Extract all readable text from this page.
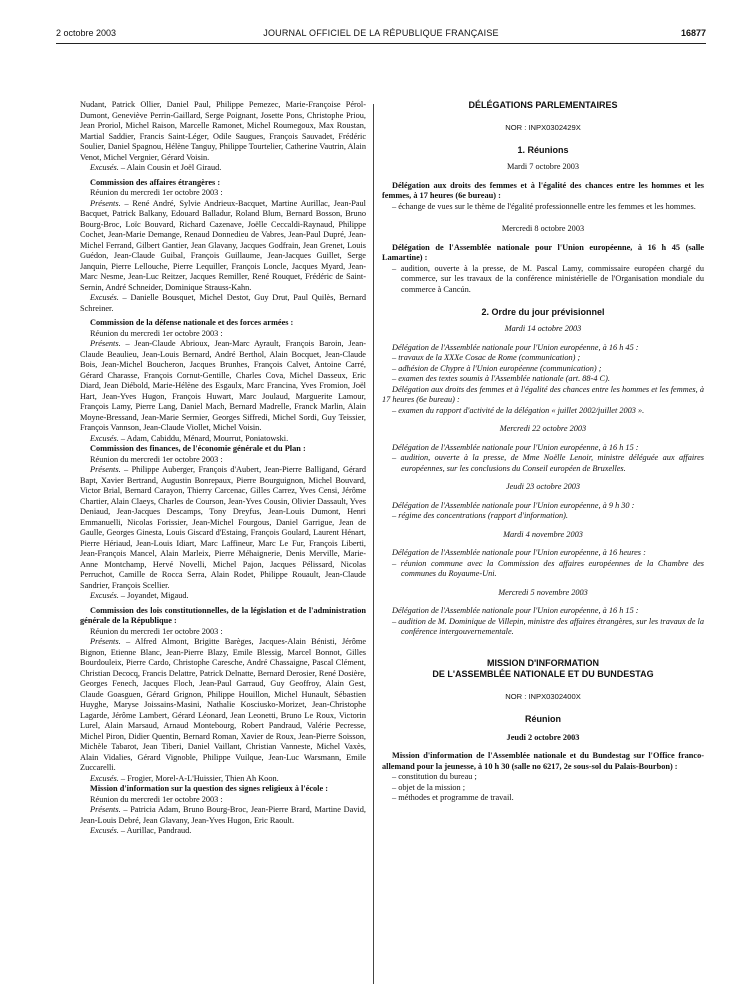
2 octobre 2003	JOURNAL OFFICIEL DE LA RÉPUBLIQUE FRANÇAISE	16877

Nudant, Patrick Ollier, Daniel Paul, Philippe Pemezec, Marie-Françoise Pérol-Dumont, Geneviève Perrin-Gaillard, Serge Poignant, Josette Pons, Christophe Priou, Jean Proriol, Michel Raison, Marcelle Ramonet, Michel Roumegoux, Max Roustan, Martial Saddier, Francis Saint-Léger, Odile Saugues, François Sauvadet, Frédéric Soulier, Daniel Spagnou, Hélène Tanguy, Philippe Tourtelier, Catherine Vautrin, Alain Venot, Michel Vergnier, Gérard Voisin.

Excusés. – Alain Cousin et Joël Giraud.

Commission des affaires étrangères :

Réunion du mercredi 1er octobre 2003 :

Présents. – René André, Sylvie Andrieux-Bacquet, Martine Aurillac, Jean-Paul Bacquet, Patrick Balkany, Edouard Balladur, Roland Blum, Bernard Bosson, Bruno Bourg-Broc, Loïc Bouvard, Richard Cazenave, Joëlle Ceccaldi-Raynaud, Philippe Cochet, Jean-Marie Demange, Renaud Donnedieu de Vabres, Jean-Paul Dupré, Jean-Michel Ferrand, Gilbert Gantier, Jean Glavany, Jacques Godfrain, Jean Grenet, Louis Guédon, Jean-Claude Guibal, François Guillaume, Jean-Jacques Guillet, Serge Janquin, Pierre Lellouche, Pierre Lequiller, François Loncle, Jacques Myard, Jean-Marc Nesme, Jean-Luc Reitzer, Jacques Remiller, René Rouquet, Frédéric de Saint-Sernin, André Schneider, Dominique Strauss-Kahn.

Excusés. – Danielle Bousquet, Michel Destot, Guy Drut, Paul Quilès, Bernard Schreiner.

Commission de la défense nationale et des forces armées :

Réunion du mercredi 1er octobre 2003 :

Présents. – Jean-Claude Abrioux, Jean-Marc Ayrault, François Baroin, Jean-Claude Beaulieu, Jean-Louis Bernard, André Berthol, Alain Bocquet, Jean-Claude Bois, Jean-Michel Boucheron, Jacques Brunhes, François Calvet, Antoine Carré, Gérard Charasse, François Cornut-Gentille, Charles Cova, Michel Dasseux, Eric Diard, Jean Diébold, Marie-Hélène des Esgaulx, Marc Francina, Yves Fromion, Joël Hart, Jean-Yves Hugon, François Huwart, Marc Joulaud, Marguerite Lamour, François Lamy, Pierre Lang, Daniel Mach, Bernard Madrelle, Franck Marlin, Alain Moyne-Bressand, Jean-Marie Sermier, Georges Siffredi, Michel Sordi, Guy Teissier, François Vannson, Jean-Claude Viollet, Michel Voisin.

Excusés. – Adam, Cabiddu, Ménard, Mourrut, Poniatowski.

Commission des finances, de l'économie générale et du Plan :

Réunion du mercredi 1er octobre 2003 :

Présents. – Philippe Auberger, François d'Aubert, Jean-Pierre Balligand, Gérard Bapt, Xavier Bertrand, Augustin Bonrepaux, Pierre Bourguignon, Michel Bouvard, Victor Brial, Bernard Carayon, Thierry Carcenac, Gilles Carrez, Yves Censi, Jérôme Chartier, Alain Claeys, Charles de Courson, Jean-Yves Cousin, Olivier Dassault, Yves Deniaud, Jean-Jacques Descamps, Tony Dreyfus, Jean-Louis Dumont, Henri Emmanuelli, Nicolas Forissier, Jean-Michel Fourgous, Daniel Garrigue, Jean de Gaulle, Georges Ginesta, Louis Giscard d'Estaing, François Goulard, Laurent Hénart, Pierre Hériaud, Jean-Louis Idiart, Marc Laffineur, Marc Le Fur, François Liberti, Jean-François Mancel, Alain Marleix, Pierre Méhaignerie, Denis Merville, Marie-Anne Montchamp, Hervé Novelli, Michel Pajon, Jacques Pélissard, Nicolas Perruchot, Camille de Rocca Serra, Alain Rodet, Philippe Rouault, Jean-Claude Sandrier, François Scellier.

Excusés. – Joyandet, Migaud.

Commission des lois constitutionnelles, de la législation et de l'administration générale de la République :

Réunion du mercredi 1er octobre 2003 :

Présents. – Alfred Almont, Brigitte Barèges, Jacques-Alain Bénisti, Jérôme Bignon, Etienne Blanc, Jean-Pierre Blazy, Emile Blessig, Marcel Bonnot, Gilles Bourdouleix, Pierre Cardo, Christophe Caresche, André Chassaigne, Pascal Clément, Christian Decocq, Francis Delattre, Patrick Delnatte, Bernard Derosier, René Dosière, Georges Fenech, Jacques Floch, Jean-Paul Garraud, Guy Geoffroy, Alain Gest, Claude Goasguen, Gérard Grignon, Philippe Houillon, Michel Hunault, Sébastien Huyghe, Maryse Joissains-Masini, Nathalie Kosciusko-Morizet, Jean-Christophe Lagarde, Jérôme Lambert, Gérard Léonard, Jean Leonetti, Bruno Le Roux, Victorin Lurel, Alain Marsaud, Arnaud Montebourg, Robert Pandraud, Valérie Pecresse, Michel Piron, Didier Quentin, Bernard Roman, Xavier de Roux, Jean-Pierre Soisson, Michèle Tabarot, Jean Tiberi, Daniel Vaillant, Christian Vanneste, Michel Vaxès, Alain Vidalies, Gérard Vignoble, Philippe Vuilque, Jean-Luc Warsmann, Emile Zuccarelli.

Excusés. – Frogier, Morel-A-L'Huissier, Thien Ah Koon.

Mission d'information sur la question des signes religieux à l'école :

Réunion du mercredi 1er octobre 2003 :

Présents. – Patricia Adam, Bruno Bourg-Broc, Jean-Pierre Brard, Martine David, Jean-Louis Debré, Jean Glavany, Jean-Yves Hugon, Eric Raoult.

Excusés. – Aurillac, Pandraud.

DÉLÉGATIONS PARLEMENTAIRES

NOR : INPX0302429X

1. Réunions

Mardi 7 octobre 2003

Délégation aux droits des femmes et à l'égalité des chances entre les hommes et les femmes, à 17 heures (6e bureau) :

– échange de vues sur le thème de l'égalité professionnelle entre les femmes et les hommes.

Mercredi 8 octobre 2003

Délégation de l'Assemblée nationale pour l'Union européenne, à 16 h 45 (salle Lamartine) :

– audition, ouverte à la presse, de M. Pascal Lamy, commissaire européen chargé du commerce, sur les travaux de la conférence ministérielle de l'Organisation mondiale du commerce à Cancún.

2. Ordre du jour prévisionnel

Mardi 14 octobre 2003

Délégation de l'Assemblée nationale pour l'Union européenne, à 16 h 45 :

– travaux de la XXXe Cosac de Rome (communication) ;

– adhésion de Chypre à l'Union européenne (communication) ;

– examen des textes soumis à l'Assemblée nationale (art. 88-4 C).

Délégation aux droits des femmes et à l'égalité des chances entre les hommes et les femmes, à 17 heures (6e bureau) :

– examen du rapport d'activité de la délégation « juillet 2002/juillet 2003 ».

Mercredi 22 octobre 2003

Délégation de l'Assemblée nationale pour l'Union européenne, à 16 h 15 :

– audition, ouverte à la presse, de Mme Noëlle Lenoir, ministre déléguée aux affaires européennes, sur les conclusions du Conseil européen de Bruxelles.

Jeudi 23 octobre 2003

Délégation de l'Assemblée nationale pour l'Union européenne, à 9 h 30 :

– régime des concentrations (rapport d'information).

Mardi 4 novembre 2003

Délégation de l'Assemblée nationale pour l'Union européenne, à 16 heures :

– réunion commune avec la Commission des affaires européennes de la Chambre des communes du Royaume-Uni.

Mercredi 5 novembre 2003

Délégation de l'Assemblée nationale pour l'Union européenne, à 16 h 15 :

– audition de M. Dominique de Villepin, ministre des affaires étrangères, sur les travaux de la conférence intergouvernementale.

MISSION D'INFORMATION

DE L'ASSEMBLÉE NATIONALE ET DU BUNDESTAG

NOR : INPX0302400X

Réunion

Jeudi 2 octobre 2003

Mission d'information de l'Assemblée nationale et du Bundestag sur l'Office franco-allemand pour la jeunesse, à 10 h 30 (salle no 6217, 2e sous-sol du Palais-Bourbon) :

– constitution du bureau ;

– objet de la mission ;

– méthodes et programme de travail.
